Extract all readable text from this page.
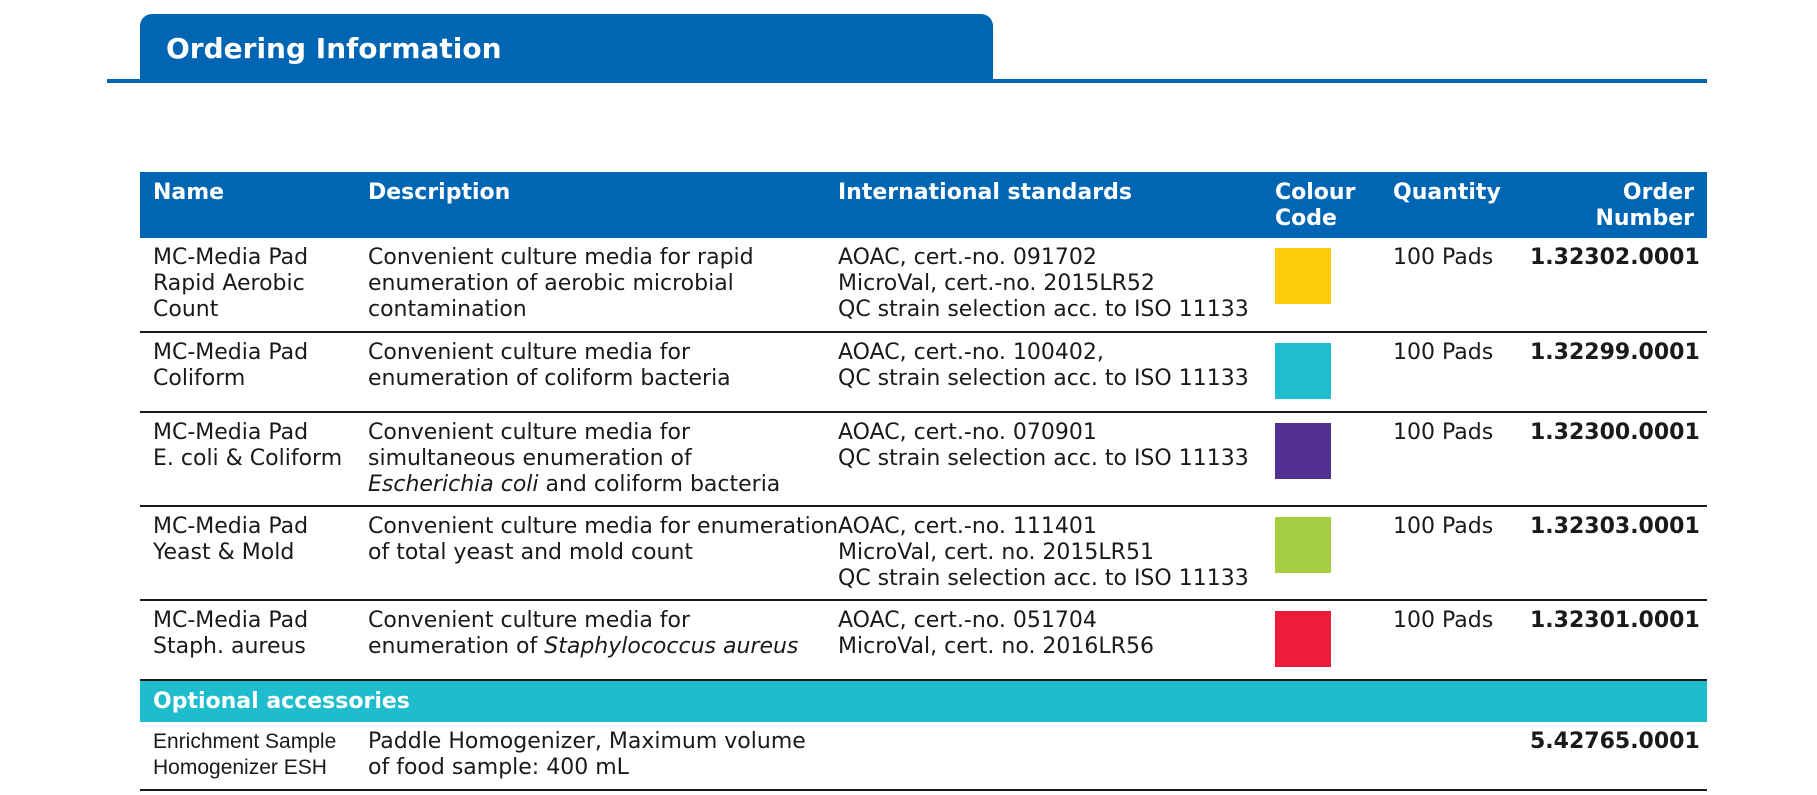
Ordering Information
Name	Description	International standards	Colour Code	Quantity	Order Number

MC-Media Pad
Rapid Aerobic
Count	Convenient culture media for rapid
enumeration of aerobic microbial
contamination	AOAC, cert.-no. 091702
MicroVal, cert.-no. 2015LR52
QC strain selection acc. to ISO 11133		100 Pads	1.32302.0001

MC-Media Pad
Coliform	Convenient culture media for
enumeration of coliform bacteria	AOAC, cert.-no. 100402,
QC strain selection acc. to ISO 11133		100 Pads	1.32299.0001

MC-Media Pad
E. coli & Coliform	Convenient culture media for
simultaneous enumeration of
Escherichia coli and coliform bacteria	AOAC, cert.-no. 070901
QC strain selection acc. to ISO 11133		100 Pads	1.32300.0001

MC-Media Pad
Yeast & Mold	Convenient culture media for enumeration
of total yeast and mold count	AOAC, cert.-no. 111401
MicroVal, cert. no. 2015LR51
QC strain selection acc. to ISO 11133		100 Pads	1.32303.0001

MC-Media Pad
Staph. aureus	Convenient culture media for
enumeration of Staphylococcus aureus	AOAC, cert.-no. 051704
MicroVal, cert. no. 2016LR56		100 Pads	1.32301.0001
Optional accessories					

Enrichment Sample
Homogenizer ESH	Paddle Homogenizer, Maximum volume
of food sample: 400 mL				5.42765.0001
